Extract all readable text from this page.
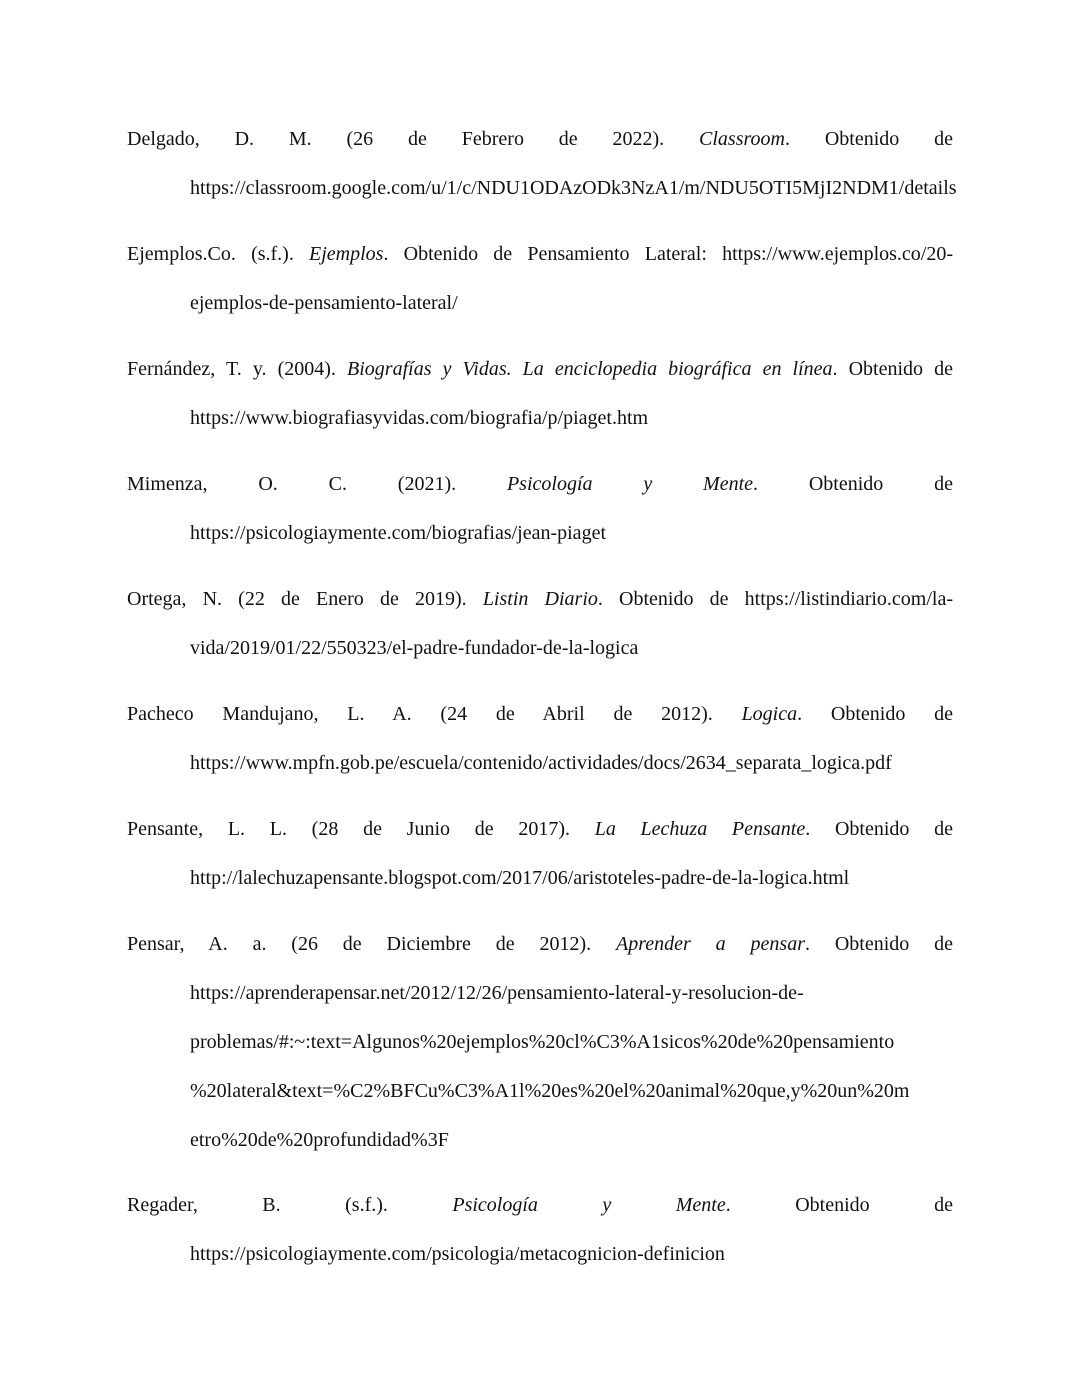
Delgado, D. M. (26 de Febrero de 2022). Classroom. Obtenido de
https://classroom.google.com/u/1/c/NDU1ODAzODk3NzA1/m/NDU5OTI5MjI2NDM1/details
Ejemplos.Co. (s.f.). Ejemplos. Obtenido de Pensamiento Lateral: https://www.ejemplos.co/20-
ejemplos-de-pensamiento-lateral/
Fernández, T. y. (2004). Biografías y Vidas. La enciclopedia biográfica en línea. Obtenido de
https://www.biografiasyvidas.com/biografia/p/piaget.htm
Mimenza, O. C. (2021). Psicología y Mente. Obtenido de
https://psicologiaymente.com/biografias/jean-piaget
Ortega, N. (22 de Enero de 2019). Listin Diario. Obtenido de https://listindiario.com/la-
vida/2019/01/22/550323/el-padre-fundador-de-la-logica
Pacheco Mandujano, L. A. (24 de Abril de 2012). Logica. Obtenido de
https://www.mpfn.gob.pe/escuela/contenido/actividades/docs/2634_separata_logica.pdf
Pensante, L. L. (28 de Junio de 2017). La Lechuza Pensante. Obtenido de
http://lalechuzapensante.blogspot.com/2017/06/aristoteles-padre-de-la-logica.html
Pensar, A. a. (26 de Diciembre de 2012). Aprender a pensar. Obtenido de
https://aprenderapensar.net/2012/12/26/pensamiento-lateral-y-resolucion-de-
problemas/#:~:text=Algunos%20ejemplos%20cl%C3%A1sicos%20de%20pensamiento
%20lateral&text=%C2%BFCu%C3%A1l%20es%20el%20animal%20que,y%20un%20m
etro%20de%20profundidad%3F
Regader, B. (s.f.). Psicología y Mente. Obtenido de
https://psicologiaymente.com/psicologia/metacognicion-definicion
